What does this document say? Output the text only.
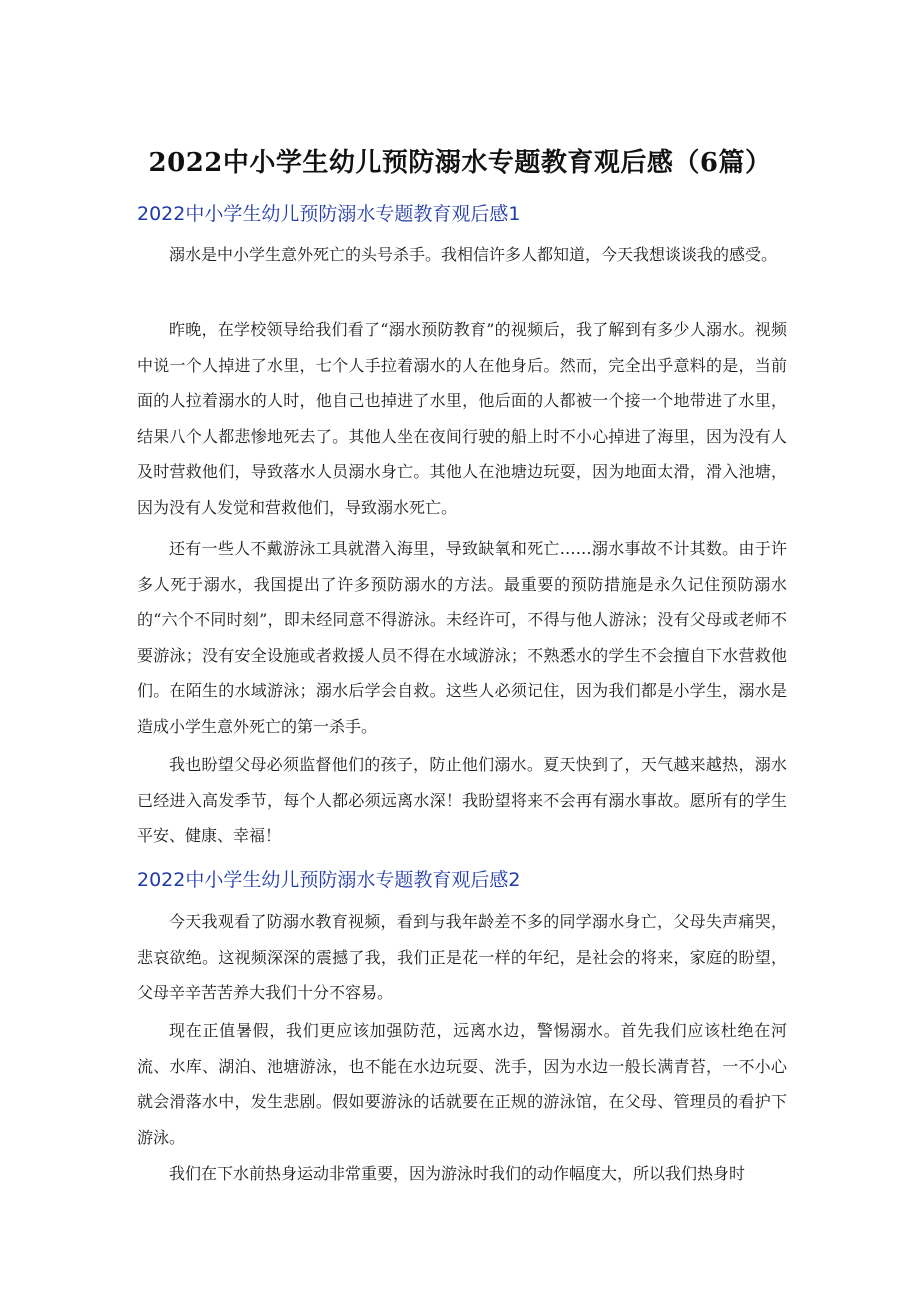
2022中小学生幼儿预防溺水专题教育观后感（6篇）
2022中小学生幼儿预防溺水专题教育观后感1

溺水是中小学生意外死亡的头号杀手。我相信许多人都知道，今天我想谈谈我的感受。

昨晚，在学校领导给我们看了“溺水预防教育”的视频后，我了解到有多少人溺水。视频中说一个人掉进了水里，七个人手拉着溺水的人在他身后。然而，完全出乎意料的是，当前面的人拉着溺水的人时，他自己也掉进了水里，他后面的人都被一个接一个地带进了水里，结果八个人都悲惨地死去了。其他人坐在夜间行驶的船上时不小心掉进了海里，因为没有人及时营救他们，导致落水人员溺水身亡。其他人在池塘边玩耍，因为地面太滑，滑入池塘，因为没有人发觉和营救他们，导致溺水死亡。

还有一些人不戴游泳工具就潜入海里，导致缺氧和死亡……溺水事故不计其数。由于许多人死于溺水，我国提出了许多预防溺水的方法。最重要的预防措施是永久记住预防溺水的“六个不同时刻”，即未经同意不得游泳。未经许可，不得与他人游泳；没有父母或老师不要游泳；没有安全设施或者救援人员不得在水域游泳；不熟悉水的学生不会擅自下水营救他们。在陌生的水域游泳；溺水后学会自救。这些人必须记住，因为我们都是小学生，溺水是造成小学生意外死亡的第一杀手。

我也盼望父母必须监督他们的孩子，防止他们溺水。夏天快到了，天气越来越热，溺水已经进入高发季节，每个人都必须远离水深！我盼望将来不会再有溺水事故。愿所有的学生平安、健康、幸福！

2022中小学生幼儿预防溺水专题教育观后感2

今天我观看了防溺水教育视频，看到与我年龄差不多的同学溺水身亡，父母失声痛哭，悲哀欲绝。这视频深深的震撼了我，我们正是花一样的年纪，是社会的将来，家庭的盼望，父母辛辛苦苦养大我们十分不容易。

现在正值暑假，我们更应该加强防范，远离水边，警惕溺水。首先我们应该杜绝在河流、水库、湖泊、池塘游泳，也不能在水边玩耍、洗手，因为水边一般长满青苔，一不小心就会滑落水中，发生悲剧。假如要游泳的话就要在正规的游泳馆，在父母、管理员的看护下游泳。

我们在下水前热身运动非常重要，因为游泳时我们的动作幅度大，所以我们热身时
